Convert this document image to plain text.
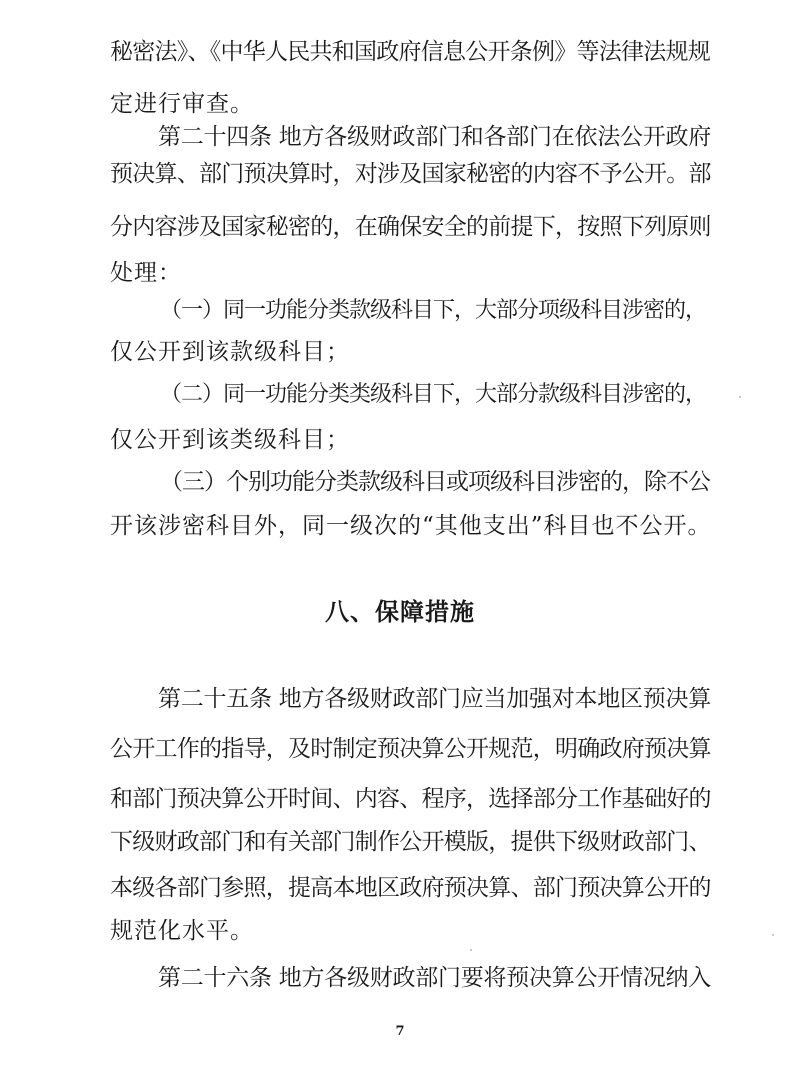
秘密法》、《中华人民共和国政府信息公开条例》等法律法规规
定进行审查。
第二十四条 地方各级财政部门和各部门在依法公开政府
预决算、部门预决算时，对涉及国家秘密的内容不予公开。部
分内容涉及国家秘密的，在确保安全的前提下，按照下列原则
处理：
（一）同一功能分类款级科目下，大部分项级科目涉密的，
仅公开到该款级科目；
（二）同一功能分类类级科目下，大部分款级科目涉密的，
仅公开到该类级科目；
（三）个别功能分类款级科目或项级科目涉密的，除不公
开该涉密科目外，同一级次的“其他支出”科目也不公开。
八、保障措施
第二十五条 地方各级财政部门应当加强对本地区预决算
公开工作的指导，及时制定预决算公开规范，明确政府预决算
和部门预决算公开时间、内容、程序，选择部分工作基础好的
下级财政部门和有关部门制作公开模版，提供下级财政部门、
本级各部门参照，提高本地区政府预决算、部门预决算公开的
规范化水平。
第二十六条 地方各级财政部门要将预决算公开情况纳入
7
